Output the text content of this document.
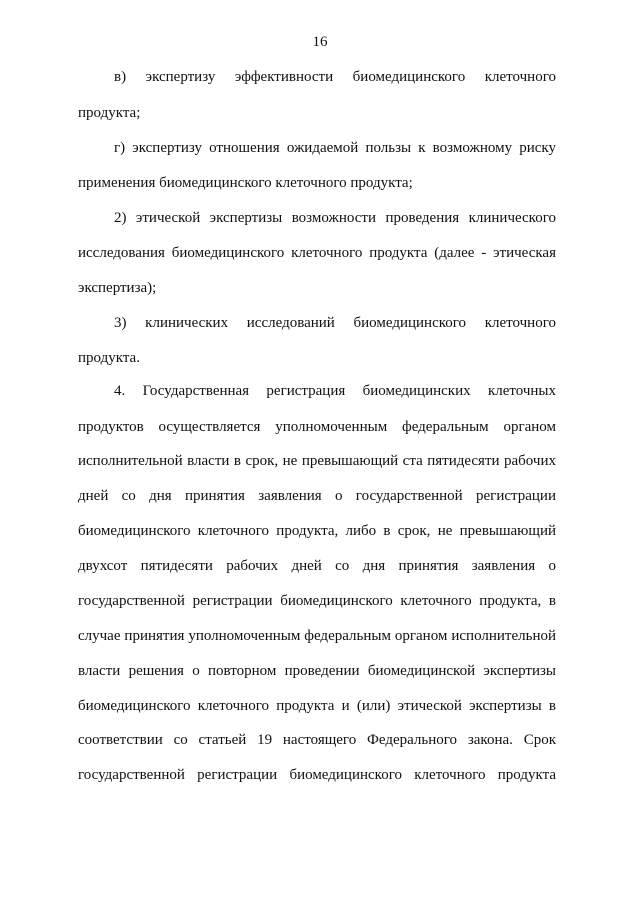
16
в) экспертизу эффективности биомедицинского клеточного
продукта;
г) экспертизу отношения ожидаемой пользы к возможному риску
применения биомедицинского клеточного продукта;
2) этической экспертизы возможности проведения клинического
исследования биомедицинского клеточного продукта (далее - этическая
экспертиза);
3) клинических исследований биомедицинского клеточного
продукта.
4. Государственная регистрация биомедицинских клеточных
продуктов осуществляется уполномоченным федеральным органом
исполнительной власти в срок, не превышающий ста пятидесяти рабочих
дней со дня принятия заявления о государственной регистрации
биомедицинского клеточного продукта, либо в срок, не превышающий
двухсот пятидесяти рабочих дней со дня принятия заявления о
государственной регистрации биомедицинского клеточного продукта, в
случае принятия уполномоченным федеральным органом исполнительной
власти решения о повторном проведении биомедицинской экспертизы
биомедицинского клеточного продукта и (или) этической экспертизы в
соответствии со статьей 19 настоящего Федерального закона. Срок
государственной регистрации биомедицинского клеточного продукта
